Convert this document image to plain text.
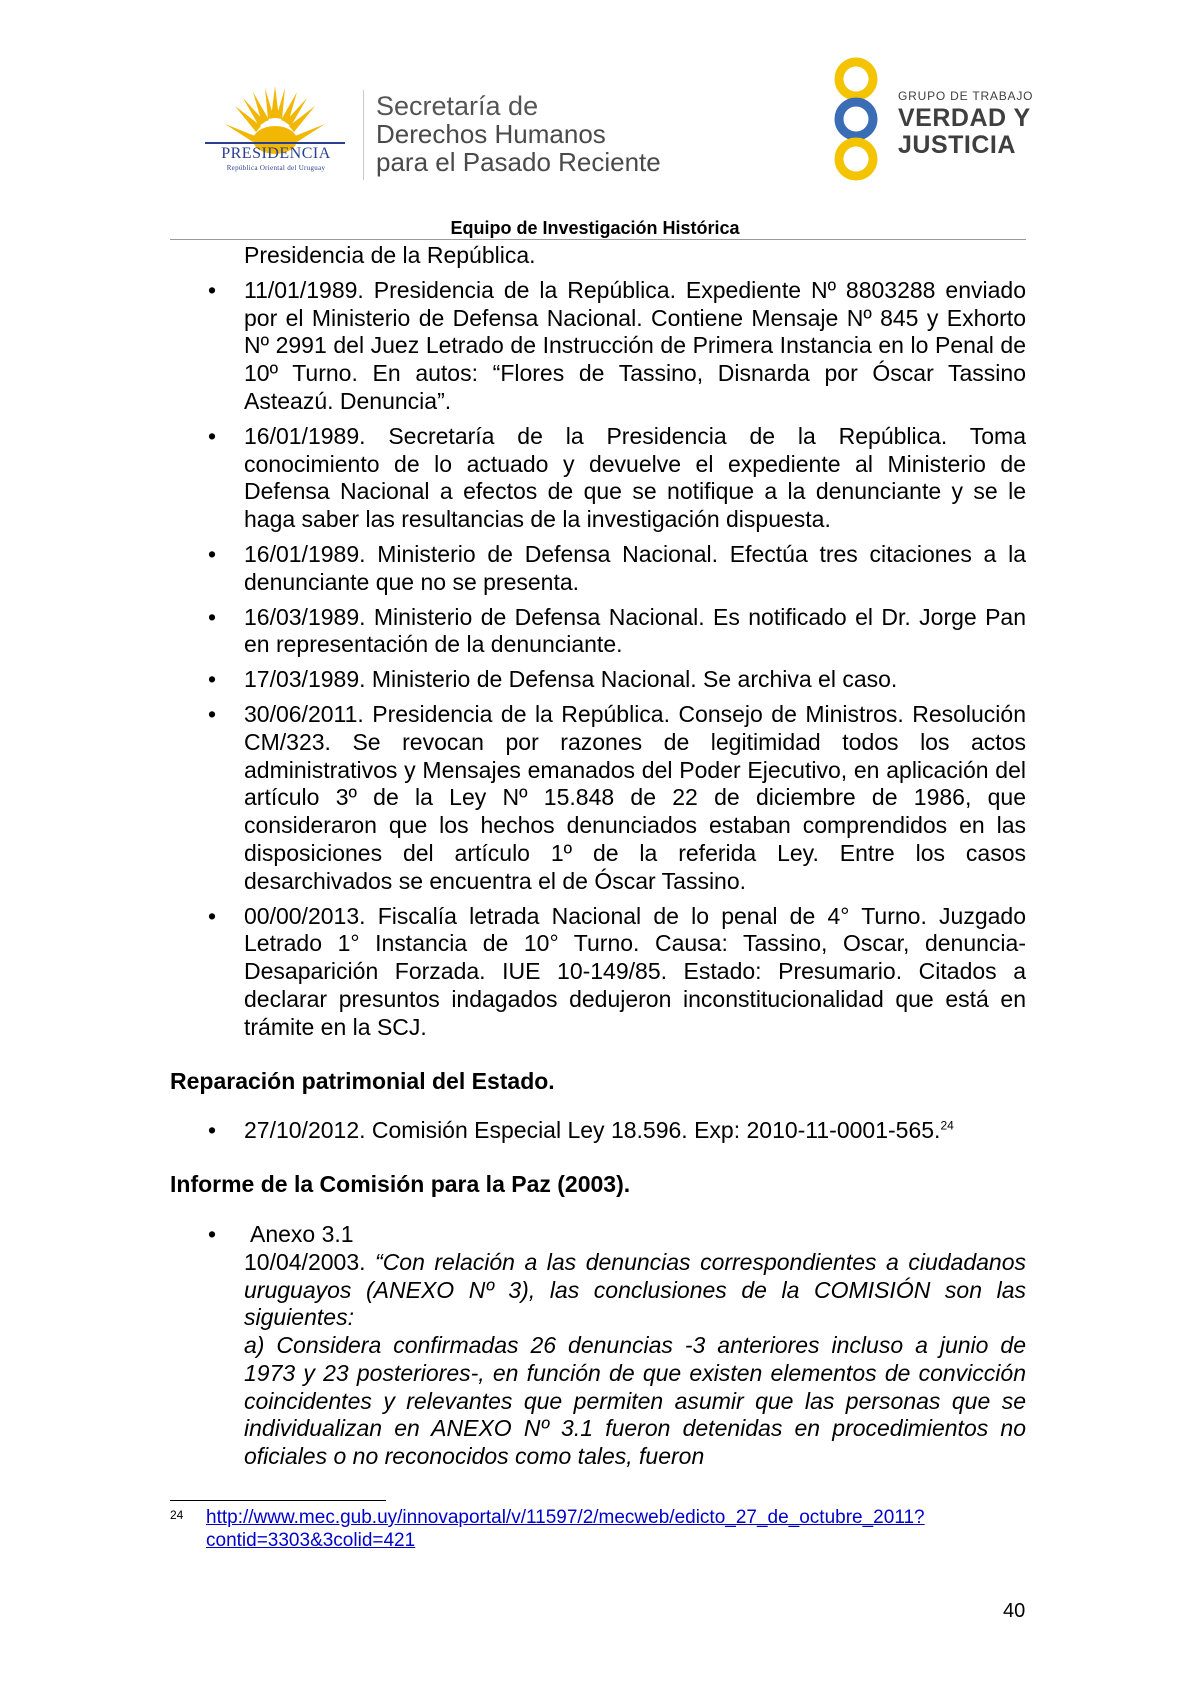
PRESIDENCIA
República Oriental del Uruguay
Secretaría de
Derechos Humanos
para el Pasado Reciente
GRUPO DE TRABAJO
VERDAD Y
JUSTICIA
Equipo de Investigación Histórica
Presidencia de la República.
• 11/01/1989. Presidencia de la República. Expediente Nº 8803288 enviado por el Ministerio de Defensa Nacional. Contiene Mensaje Nº 845 y Exhorto Nº 2991 del Juez Letrado de Instrucción de Primera Instancia en lo Penal de 10º Turno. En autos: “Flores de Tassino, Disnarda por Óscar Tassino Asteazú. Denuncia”.
• 16/01/1989. Secretaría de la Presidencia de la República. Toma conocimiento de lo actuado y devuelve el expediente al Ministerio de Defensa Nacional a efectos de que se notifique a la denunciante y se le haga saber las resultancias de la investigación dispuesta.
• 16/01/1989. Ministerio de Defensa Nacional. Efectúa tres citaciones a la denunciante que no se presenta.
• 16/03/1989. Ministerio de Defensa Nacional. Es notificado el Dr. Jorge Pan en representación de la denunciante.
• 17/03/1989. Ministerio de Defensa Nacional. Se archiva el caso.
• 30/06/2011. Presidencia de la República. Consejo de Ministros. Resolución CM/323. Se revocan por razones de legitimidad todos los actos administrativos y Mensajes emanados del Poder Ejecutivo, en aplicación del artículo 3º de la Ley Nº 15.848 de 22 de diciembre de 1986, que consideraron que los hechos denunciados estaban comprendidos en las disposiciones del artículo 1º de la referida Ley. Entre los casos desarchivados se encuentra el de Óscar Tassino.
• 00/00/2013. Fiscalía letrada Nacional de lo penal de 4° Turno. Juzgado Letrado 1° Instancia de 10° Turno. Causa: Tassino, Oscar, denuncia-Desaparición Forzada. IUE 10-149/85. Estado: Presumario. Citados a declarar presuntos indagados dedujeron inconstitucionalidad que está en trámite en la SCJ.
Reparación patrimonial del Estado.
• 27/10/2012. Comisión Especial Ley 18.596. Exp: 2010-11-0001-565.24
Informe de la Comisión para la Paz (2003).
• Anexo 3.1
10/04/2003. “Con relación a las denuncias correspondientes a ciudadanos uruguayos (ANEXO Nº 3), las conclusiones de la COMISIÓN son las siguientes:
a) Considera confirmadas 26 denuncias -3 anteriores incluso a junio de 1973 y 23 posteriores-, en función de que existen elementos de convicción coincidentes y relevantes que permiten asumir que las personas que se individualizan en ANEXO Nº 3.1 fueron detenidas en procedimientos no oficiales o no reconocidos como tales, fueron
24 http://www.mec.gub.uy/innovaportal/v/11597/2/mecweb/edicto_27_de_octubre_2011?
contid=3303&3colid=421
40
